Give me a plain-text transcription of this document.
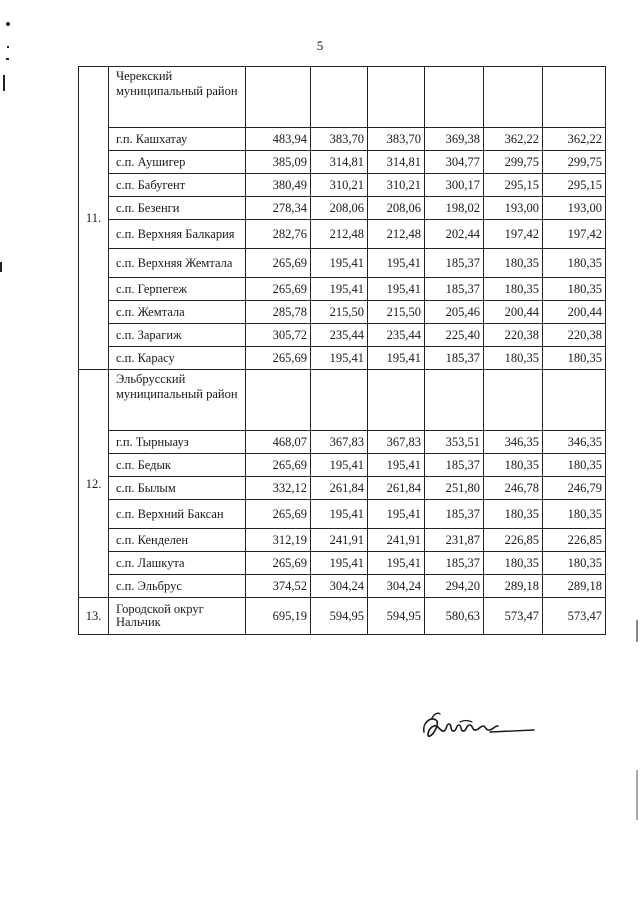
5
11.	Черекский муниципальный район						
	г.п. Кашхатау	483,94	383,70	383,70	369,38	362,22	362,22
	с.п. Аушигер	385,09	314,81	314,81	304,77	299,75	299,75
	с.п. Бабугент	380,49	310,21	310,21	300,17	295,15	295,15
	с.п. Безенги	278,34	208,06	208,06	198,02	193,00	193,00
	с.п. Верхняя Балкария	282,76	212,48	212,48	202,44	197,42	197,42
	с.п. Верхняя Жемтала	265,69	195,41	195,41	185,37	180,35	180,35
	с.п. Герпегеж	265,69	195,41	195,41	185,37	180,35	180,35
	с.п. Жемтала	285,78	215,50	215,50	205,46	200,44	200,44
	с.п. Зарагиж	305,72	235,44	235,44	225,40	220,38	220,38
	с.п. Карасу	265,69	195,41	195,41	185,37	180,35	180,35
12.	Эльбрусский муниципальный район						
	г.п. Тырныауз	468,07	367,83	367,83	353,51	346,35	346,35
	с.п. Бедык	265,69	195,41	195,41	185,37	180,35	180,35
	с.п. Былым	332,12	261,84	261,84	251,80	246,78	246,79
	с.п. Верхний Баксан	265,69	195,41	195,41	185,37	180,35	180,35
	с.п. Кенделен	312,19	241,91	241,91	231,87	226,85	226,85
	с.п. Лашкута	265,69	195,41	195,41	185,37	180,35	180,35
	с.п. Эльбрус	374,52	304,24	304,24	294,20	289,18	289,18
13.	Городской округ Нальчик	695,19	594,95	594,95	580,63	573,47	573,47
